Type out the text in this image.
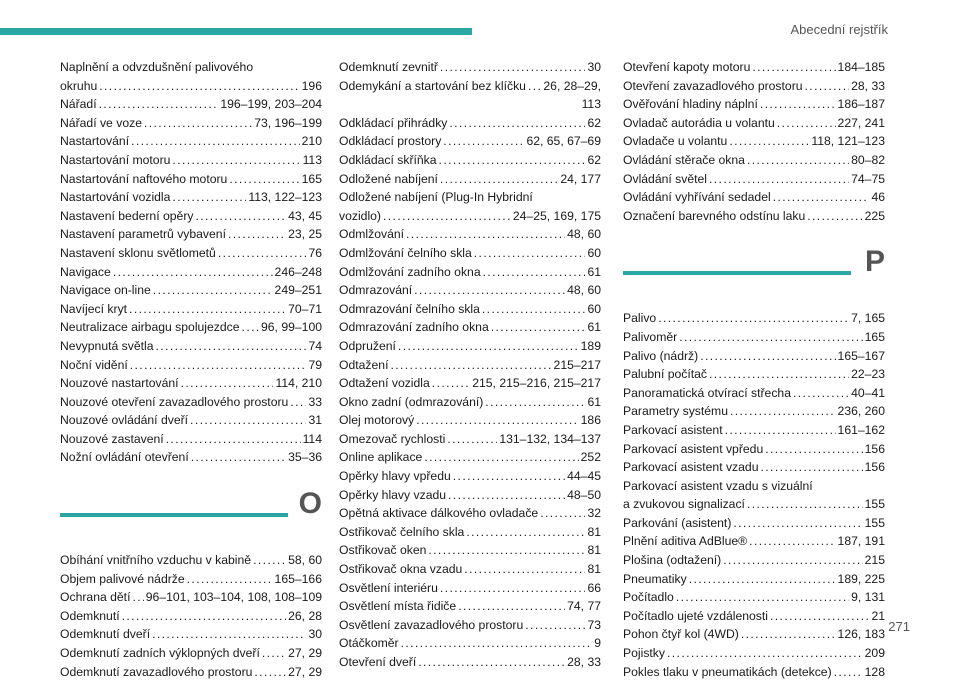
Abecední rejstřík
Naplnění a odvzdušnění palivového
okruhu . . .	196
Nářadí . . .	196–199, 203–204
Nářadí ve voze . . .	73, 196–199
Nastartování . . .	210
Nastartování motoru . . .	113
Nastartování naftového motoru . . .	165
Nastartování vozidla . . .	113, 122–123
Nastavení bederní opěry . . .	43, 45
Nastavení parametrů vybavení . . .	23, 25
Nastavení sklonu světlometů . . .	76
Navigace . . .	246–248
Navigace on-line . . .	249–251
Navíjecí kryt . . .	70–71
Neutralizace airbagu spolujezdce . . . 96, 99–100
Nevypnutá světla . . .	74
Noční vidění . . .	79
Nouzové nastartování . . .	114, 210
Nouzové otevření zavazadlového prostoru . . . 33
Nouzové ovládání dveří . . .	31
Nouzové zastavení . . .	114
Nožní ovládání otevření . . .	35–36
O
Obíhání vnitřního vzduchu v kabině . . .	58, 60
Objem palivové nádrže . . .	165–166
Ochrana dětí . . . 96–101, 103–104, 108, 108–109
Odemknutí . . .	26, 28
Odemknutí dveří . . .	30
Odemknutí zadních výklopných dveří . . . 27, 29
Odemknutí zavazadlového prostoru . . .	27, 29
Odemknutí zevnitř . . .	30
Odemykání a startování bez klíčku . . . 26, 28–29,
113
Odkládací přihrádky . . .	62
Odkládací prostory . . .	62, 65, 67–69
Odkládací skříňka . . .	62
Odložené nabíjení . . .	24, 177
Odložené nabíjení (Plug-In Hybridní
vozidlo) . . .	24–25, 169, 175
Odmlžování . . .	48, 60
Odmlžování čelního skla . . .	60
Odmlžování zadního okna . . .	61
Odmrazování . . .	48, 60
Odmrazování čelního skla . . .	60
Odmrazování zadního okna . . .	61
Odpružení . . .	189
Odtažení . . .	215–217
Odtažení vozidla . . .	215, 215–216, 215–217
Okno zadní (odmrazování) . . .	61
Olej motorový . . .	186
Omezovač rychlosti . . .	131–132, 134–137
Online aplikace . . .	252
Opěrky hlavy vpředu . . .	44–45
Opěrky hlavy vzadu . . .	48–50
Opětná aktivace dálkového ovladače . . .	32
Ostřikovač čelního skla . . .	81
Ostřikovač oken . . .	81
Ostřikovač okna vzadu . . .	81
Osvětlení interiéru . . .	66
Osvětlení místa řidiče . . .	74, 77
Osvětlení zavazadlového prostoru . . .	73
Otáčkoměr . . .	9
Otevření dveří . . .	28, 33
Otevření kapoty motoru . . .	184–185
Otevření zavazadlového prostoru . . .	28, 33
Ověřování hladiny náplní . . .	186–187
Ovladač autorádia u volantu . . .	227, 241
Ovladače u volantu . . .	118, 121–123
Ovládání stěrače okna . . .	80–82
Ovládání světel . . .	74–75
Ovládání vyhřívání sedadel . . .	46
Označení barevného odstínu laku . . .	225
P
Palivo . . .	7, 165
Palivoměr . . .	165
Palivo (nádrž) . . .	165–167
Palubní počítač . . .	22–23
Panoramatická otvírací střecha . . .	40–41
Parametry systému . . .	236, 260
Parkovací asistent . . .	161–162
Parkovací asistent vpředu . . .	156
Parkovací asistent vzadu . . .	156
Parkovací asistent vzadu s vizuální
a zvukovou signalizací . . .	155
Parkování (asistent) . . .	155
Plnění aditiva AdBlue® . . .	187, 191
Plošina (odtažení) . . .	215
Pneumatiky . . .	189, 225
Počítadlo . . .	9, 131
Počítadlo ujeté vzdálenosti . . .	21
Pohon čtyř kol (4WD) . . .	126, 183
Pojistky . . .	209
Pokles tlaku v pneumatikách (detekce) . . .	128
271
